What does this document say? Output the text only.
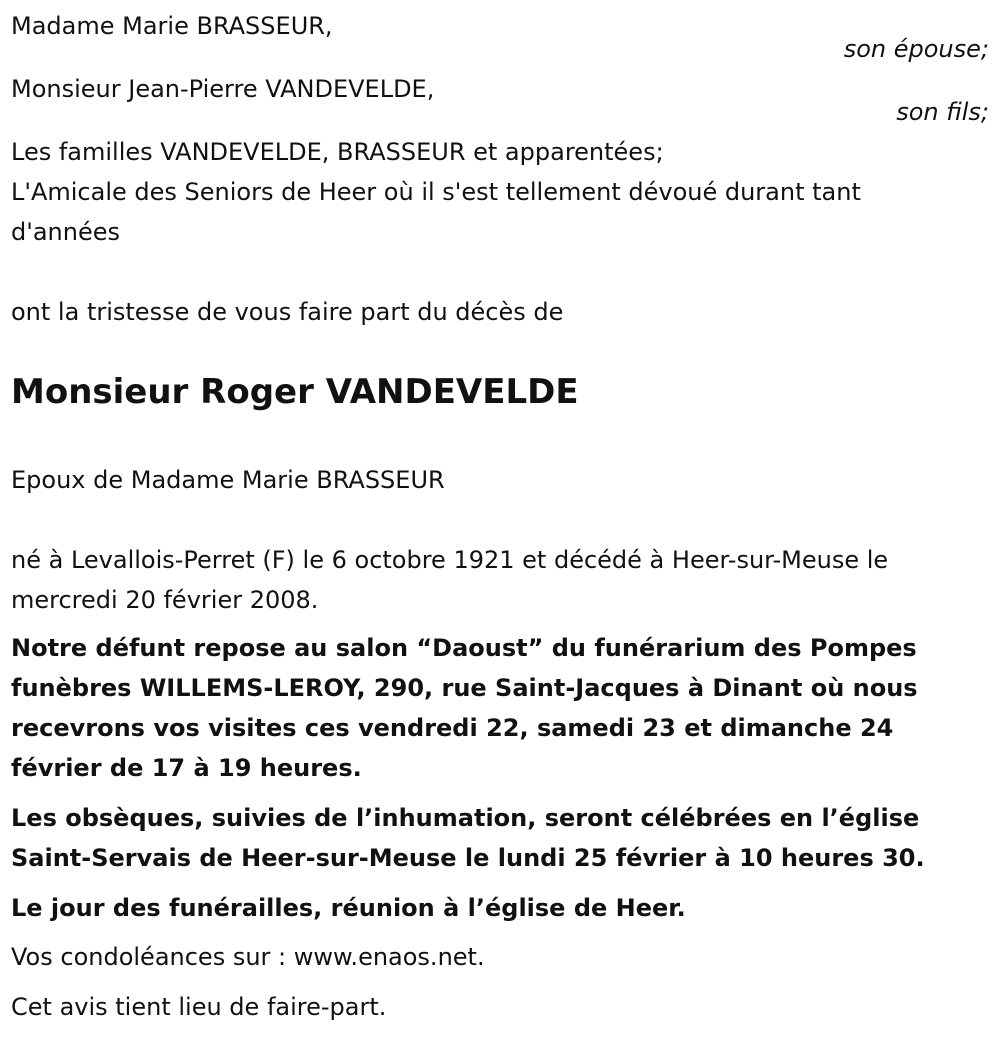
Madame Marie BRASSEUR,

son épouse;

Monsieur Jean-Pierre VANDEVELDE,

son fils;

Les familles VANDEVELDE, BRASSEUR et apparentées;

L'Amicale des Seniors de Heer où il s'est tellement dévoué durant tant d'années

ont la tristesse de vous faire part du décès de

Monsieur Roger VANDEVELDE

Epoux de Madame Marie BRASSEUR

né à Levallois-Perret (F) le 6 octobre 1921 et décédé à Heer-sur-Meuse le mercredi 20 février 2008.

Notre défunt repose au salon “Daoust” du funérarium des Pompes funèbres WILLEMS-LEROY, 290, rue Saint-Jacques à Dinant où nous recevrons vos visites ces vendredi 22, samedi 23 et dimanche 24 février de 17 à 19 heures.

Les obsèques, suivies de l’inhumation, seront célébrées en l’église Saint-Servais de Heer-sur-Meuse le lundi 25 février à 10 heures 30.

Le jour des funérailles, réunion à l’église de Heer.

Vos condoléances sur : www.enaos.net.

Cet avis tient lieu de faire-part.
